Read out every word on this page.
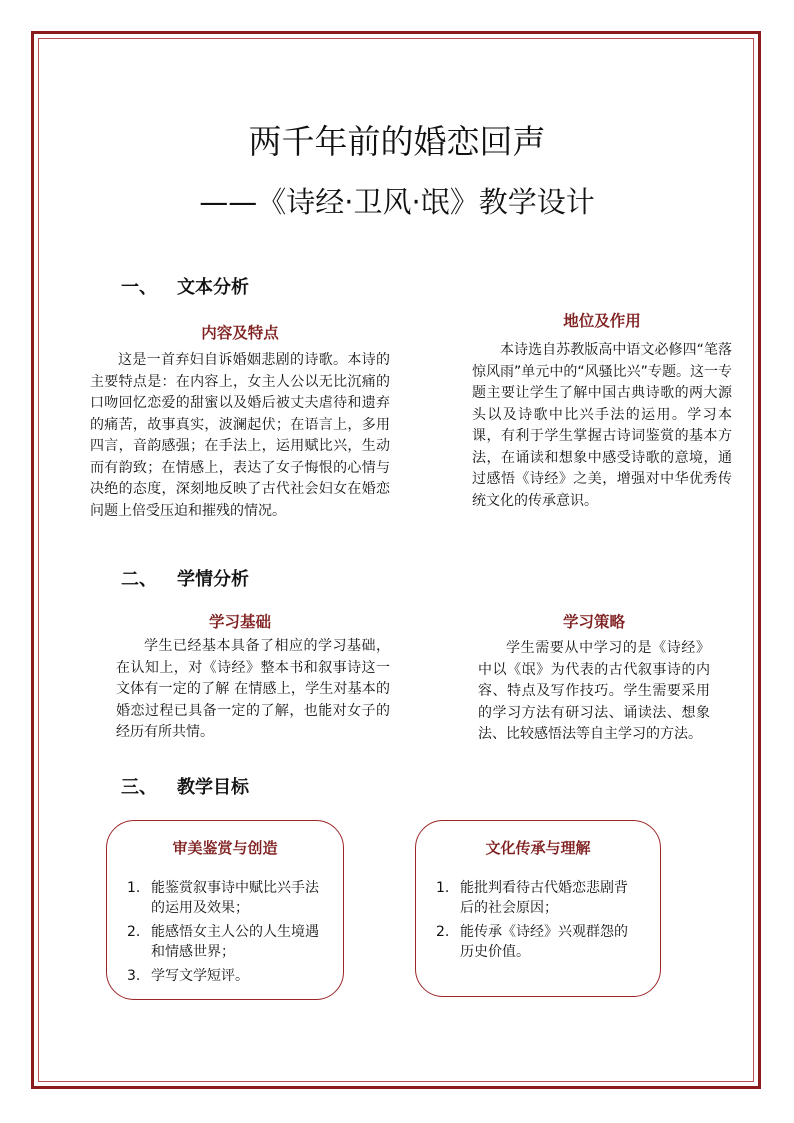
两千年前的婚恋回声
——《诗经·卫风·氓》教学设计
一、 文本分析
内容及特点

这是一首弃妇自诉婚姻悲剧的诗歌。本诗的主要特点是：在内容上，女主人公以无比沉痛的口吻回忆恋爱的甜蜜以及婚后被丈夫虐待和遗弃的痛苦，故事真实，波澜起伏；在语言上，多用四言，音韵感强；在手法上，运用赋比兴，生动而有韵致；在情感上，表达了女子悔恨的心情与决绝的态度，深刻地反映了古代社会妇女在婚恋问题上倍受压迫和摧残的情况。

地位及作用

本诗选自苏教版高中语文必修四“笔落惊风雨”单元中的“风骚比兴”专题。这一专题主要让学生了解中国古典诗歌的两大源头以及诗歌中比兴手法的运用。学习本课，有利于学生掌握古诗词鉴赏的基本方法，在诵读和想象中感受诗歌的意境，通过感悟《诗经》之美，增强对中华优秀传统文化的传承意识。

二、 学情分析
学习基础

学生已经基本具备了相应的学习基础，在认知上，对《诗经》整本书和叙事诗这一文体有一定的了解 在情感上，学生对基本的婚恋过程已具备一定的了解，也能对女子的经历有所共情。

学习策略

学生需要从中学习的是《诗经》中以《氓》为代表的古代叙事诗的内容、特点及写作技巧。学生需要采用的学习方法有研习法、诵读法、想象法、比较感悟法等自主学习的方法。

三、 教学目标
审美鉴赏与创造
1. 能鉴赏叙事诗中赋比兴手法的运用及效果；
2. 能感悟女主人公的人生境遇和情感世界；
3. 学写文学短评。
文化传承与理解
1. 能批判看待古代婚恋悲剧背后的社会原因；
2. 能传承《诗经》兴观群怨的历史价值。
